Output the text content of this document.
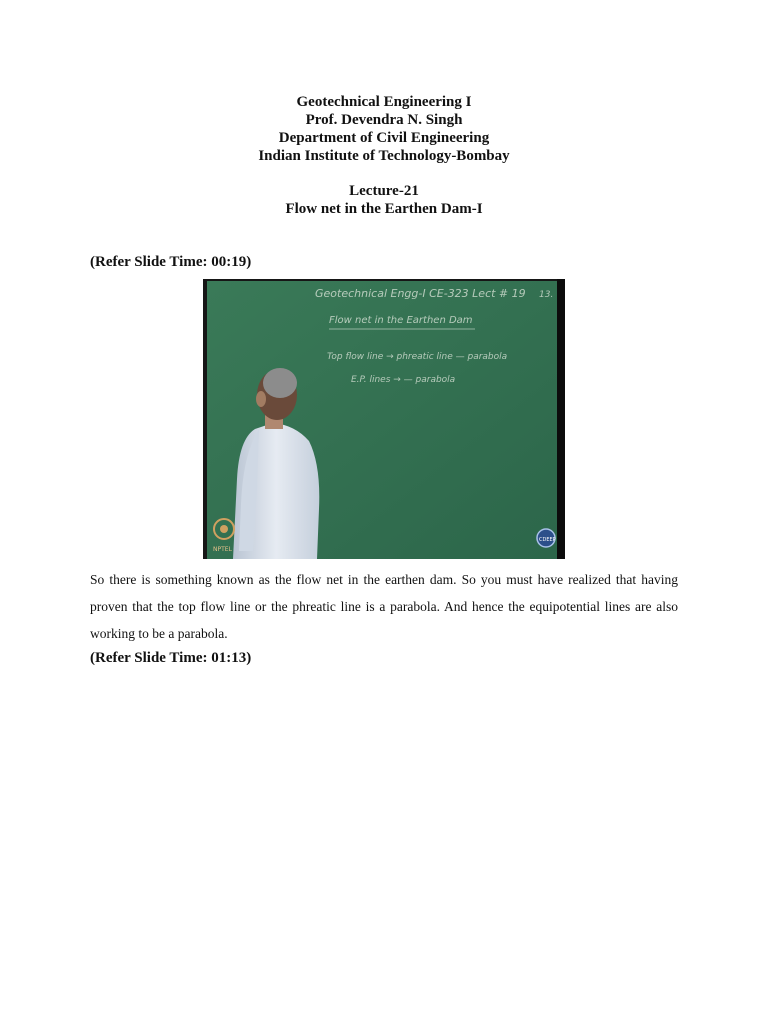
Geotechnical Engineering I
Prof. Devendra N. Singh
Department of Civil Engineering
Indian Institute of Technology-Bombay
Lecture-21
Flow net in the Earthen Dam-I
(Refer Slide Time: 00:19)
Geotechnical Engg-I CE-323 Lect # 19 13.
Flow net in the Earthen Dam
Top flow line → phreatic line — parabola
E.P. lines → — parabola
NPTEL
CDEEP
So there is something known as the flow net in the earthen dam. So you must have realized that having proven that the top flow line or the phreatic line is a parabola. And hence the equipotential lines are also working to be a parabola.
(Refer Slide Time: 01:13)
